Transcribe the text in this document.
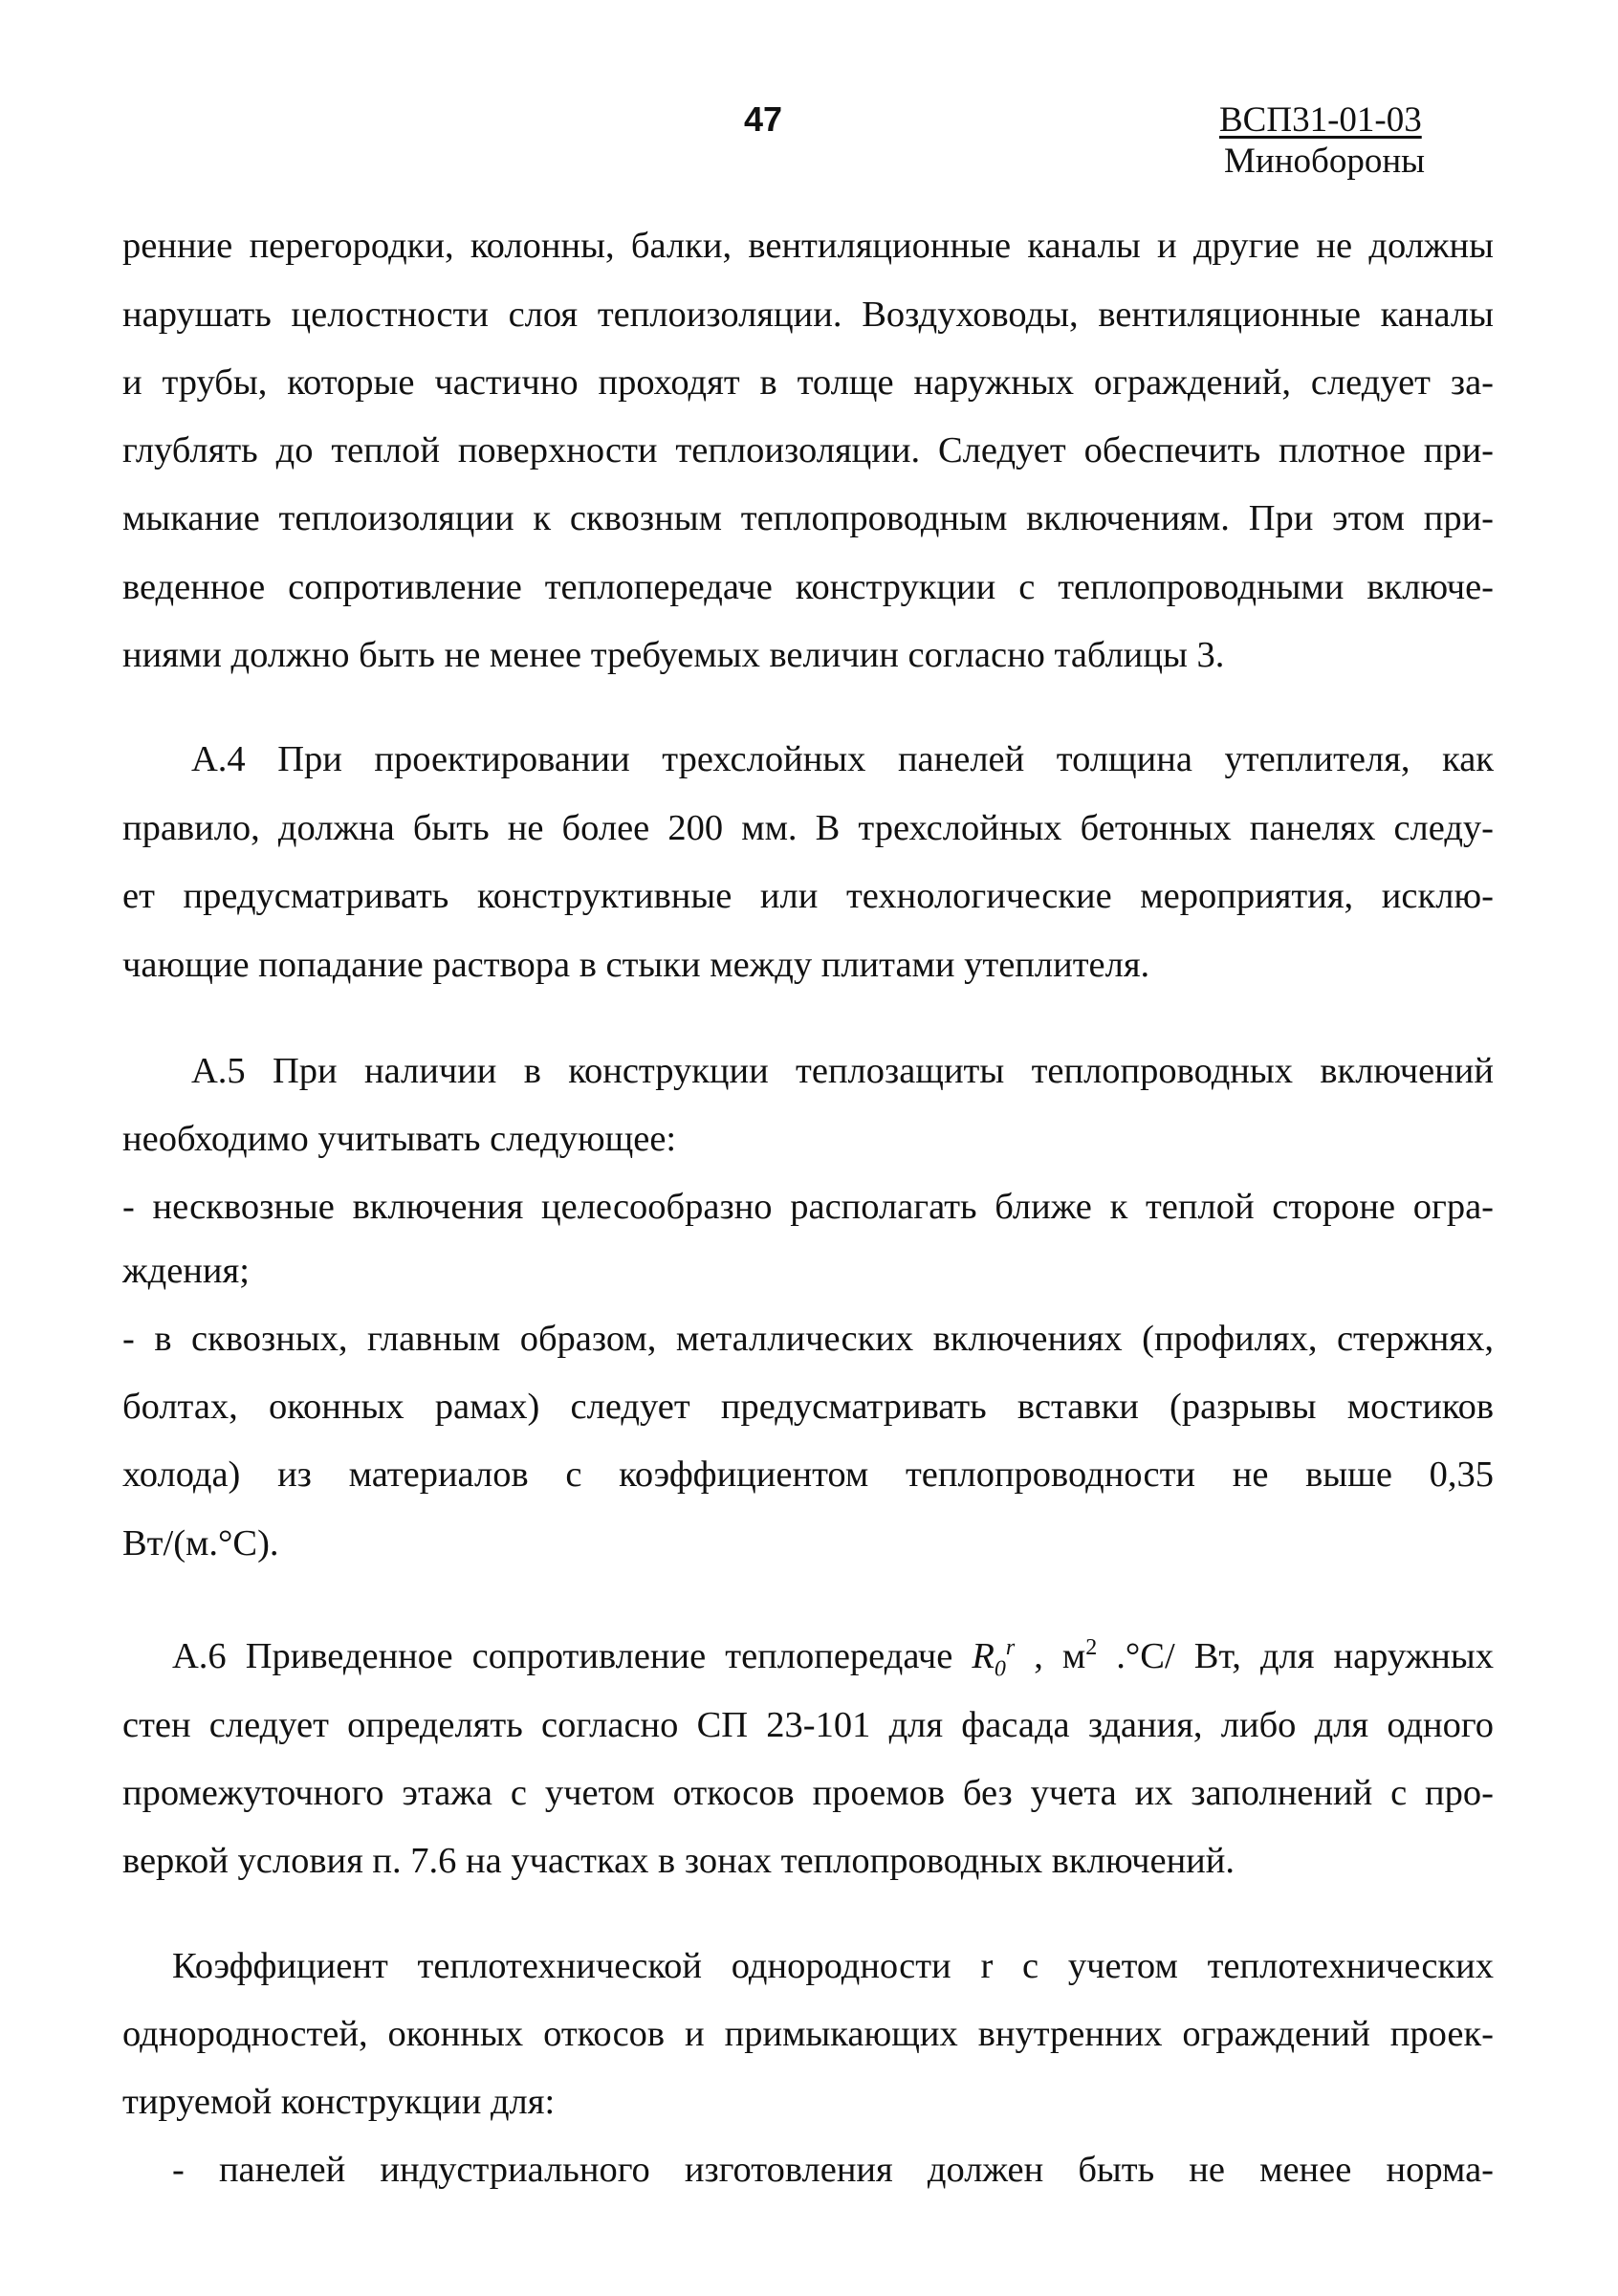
47	ВСП31-01-03
Минобороны
ренние перегородки, колонны, балки, вентиляционные каналы и другие не должны
нарушать целостности слоя теплоизоляции. Воздуховоды, вентиляционные каналы
и трубы, которые частично проходят в толще наружных ограждений, следует за-
глублять до теплой поверхности теплоизоляции. Следует обеспечить плотное при-
мыкание теплоизоляции к сквозным теплопроводным включениям. При этом при-
веденное сопротивление теплопередаче конструкции с теплопроводными включе-
ниями должно быть не менее требуемых величин согласно таблицы 3.
А.4 При проектировании трехслойных панелей толщина утеплителя, как
правило, должна быть не более 200 мм. В трехслойных бетонных панелях следу-
ет предусматривать конструктивные или технологические мероприятия, исклю-
чающие попадание раствора в стыки между плитами утеплителя.
А.5 При наличии в конструкции теплозащиты теплопроводных включений
необходимо учитывать следующее:
- несквозные включения целесообразно располагать ближе к теплой стороне огра-
ждения;
- в сквозных, главным образом, металлических включениях (профилях, стержнях,
болтах, оконных рамах) следует предусматривать вставки (разрывы мостиков
холода) из материалов с коэффициентом теплопроводности не выше 0,35
Вт/(м.°С).
А.6 Приведенное сопротивление теплопередаче $R_0^r$ , $м^2$ .°С/ Вт, для наружных
стен следует определять согласно СП 23-101 для фасада здания, либо для одного
промежуточного этажа с учетом откосов проемов без учета их заполнений с про-
веркой условия п. 7.6 на участках в зонах теплопроводных включений.
Коэффициент теплотехнической однородности r с учетом теплотехнических
однородностей, оконных откосов и примыкающих внутренних ограждений проек-
тируемой конструкции для:
- панелей индустриального изготовления должен быть не менее норма-
